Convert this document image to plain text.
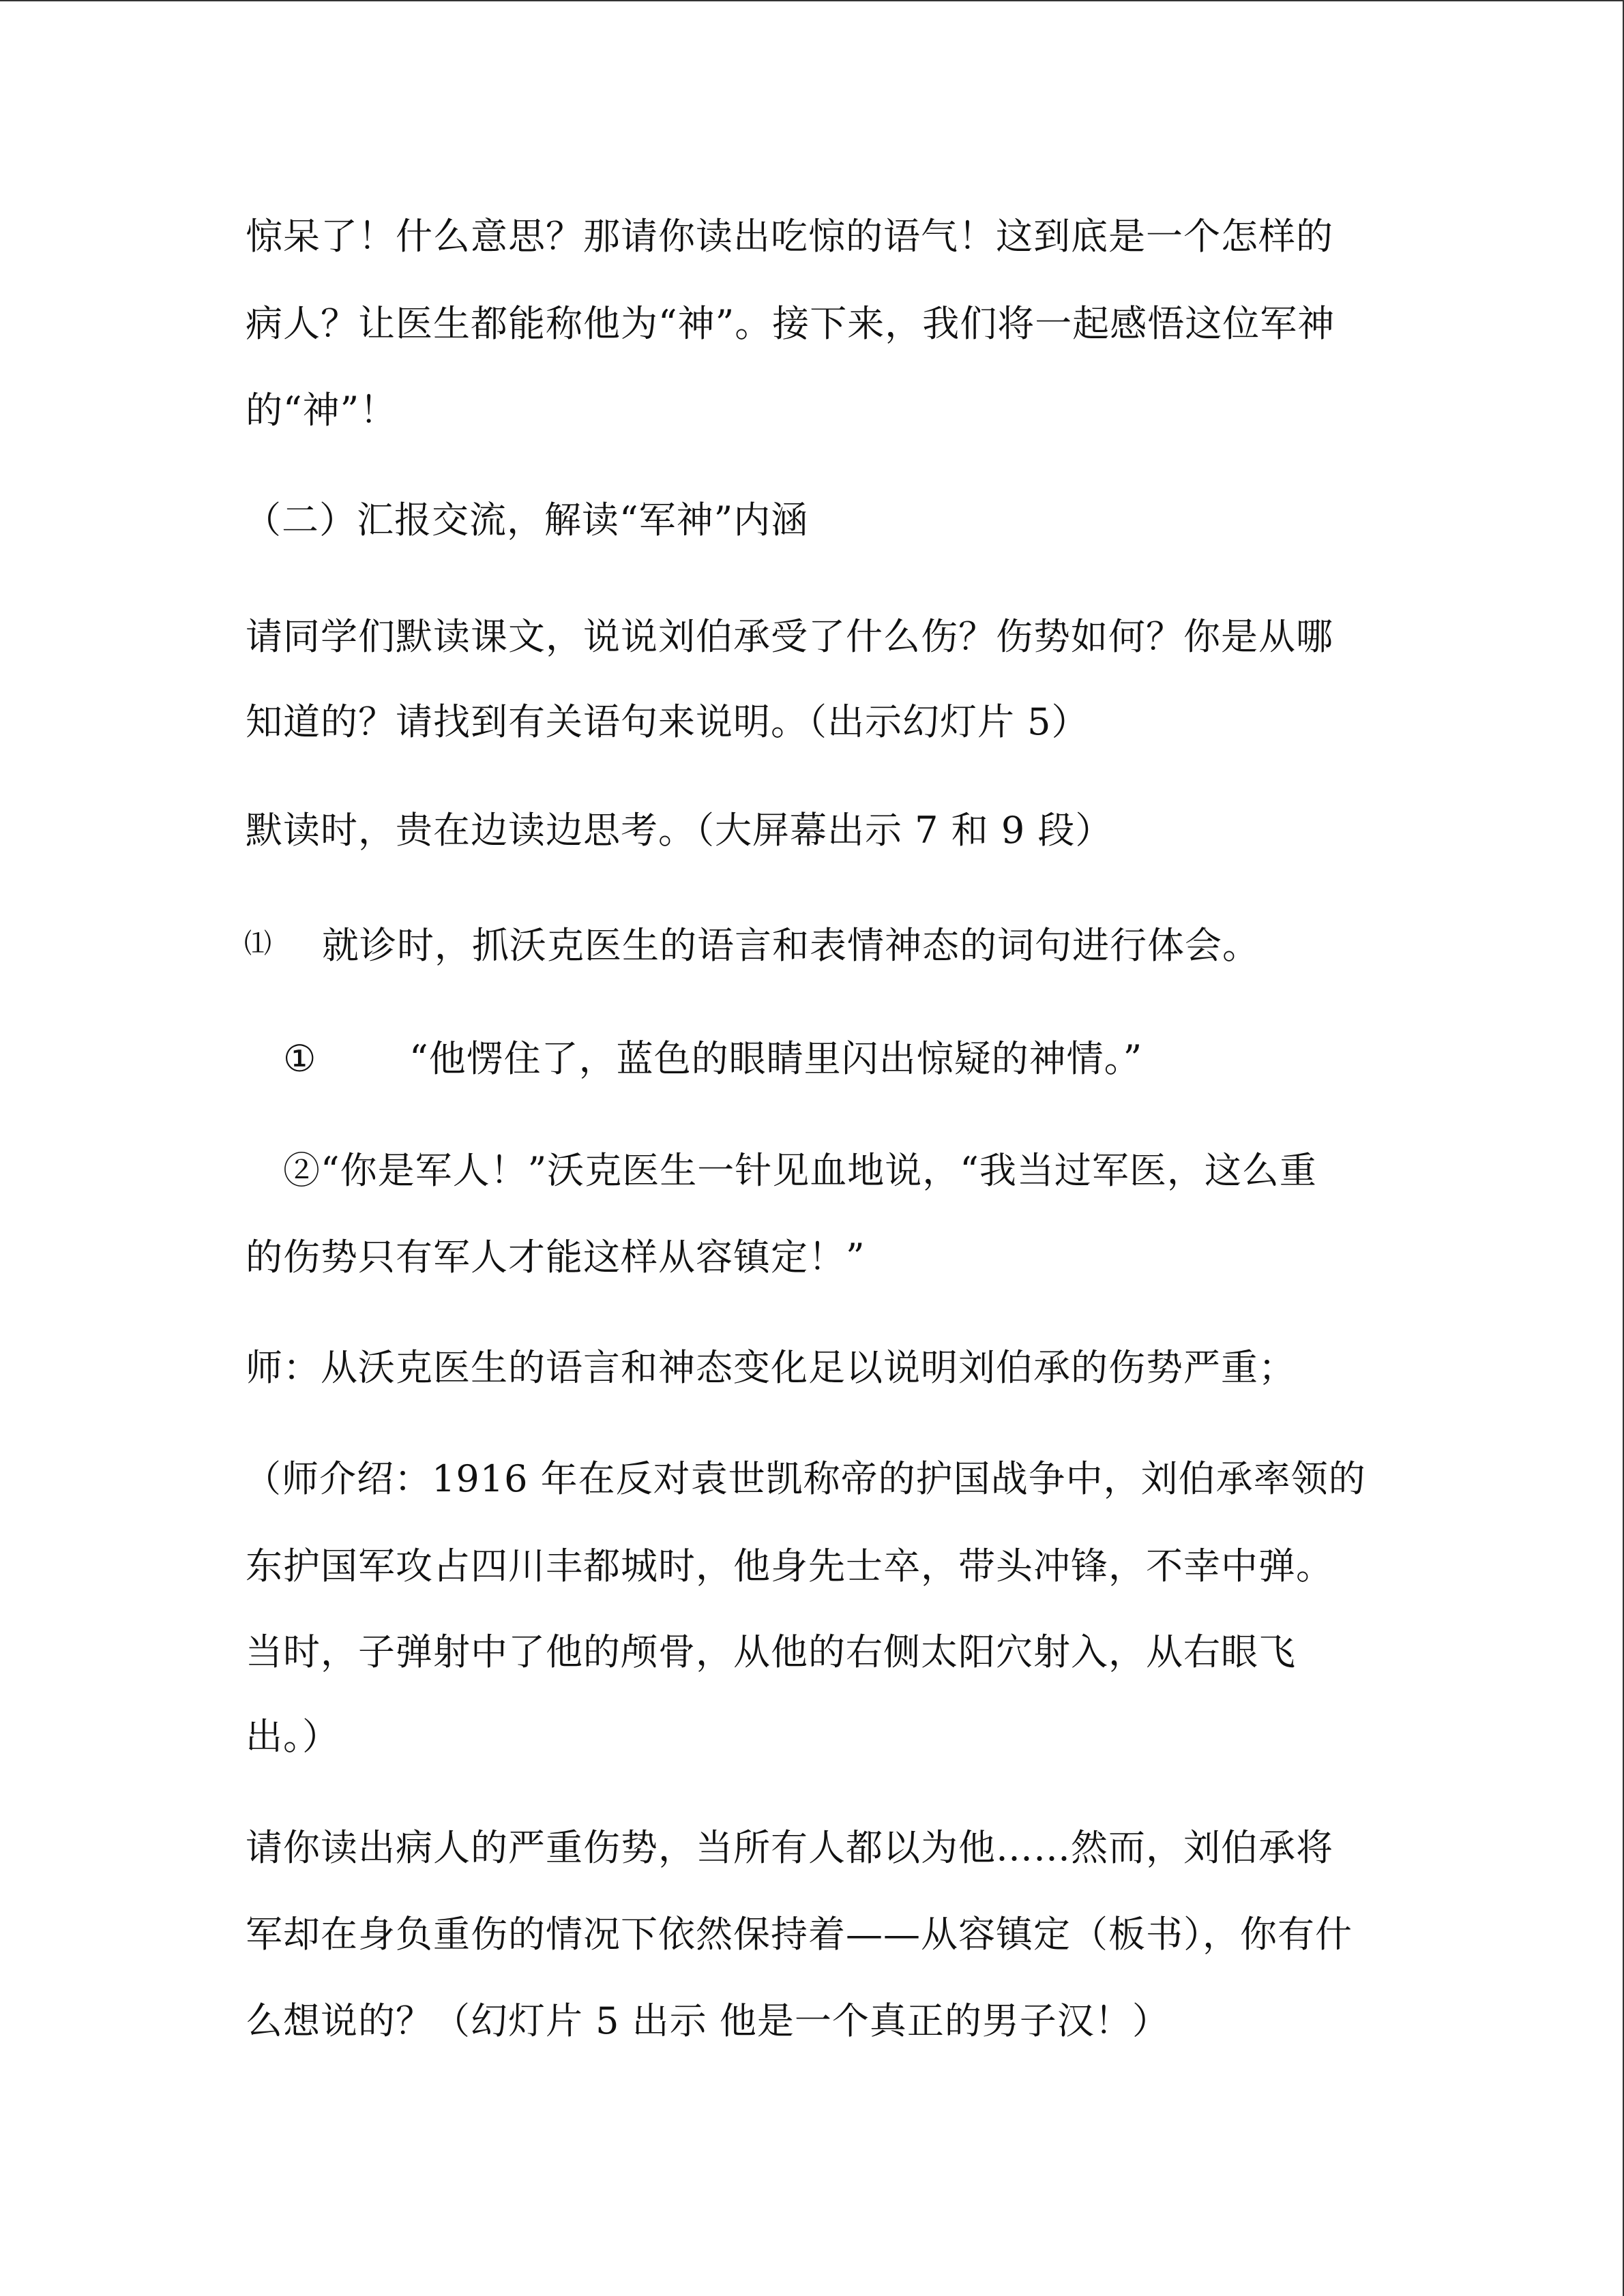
惊呆了！什么意思？那请你读出吃惊的语气！这到底是一个怎样的
病人？让医生都能称他为“神”。接下来，我们将一起感悟这位军神
的“神”！
（二）汇报交流，解读“军神”内涵
请同学们默读课文，说说刘伯承受了什么伤？伤势如何？你是从哪
知道的？请找到有关语句来说明。（出示幻灯片 5）
默读时，贵在边读边思考。（大屏幕出示 7 和 9 段）
⑴ 就诊时，抓沃克医生的语言和表情神态的词句进行体会。
①	“他愣住了，蓝色的眼睛里闪出惊疑的神情。”
②“你是军人！”沃克医生一针见血地说，“我当过军医，这么重
的伤势只有军人才能这样从容镇定！”
师：从沃克医生的语言和神态变化足以说明刘伯承的伤势严重；
（师介绍：1916 年在反对袁世凯称帝的护国战争中，刘伯承率领的
东护国军攻占四川丰都城时，他身先士卒，带头冲锋，不幸中弹。
当时，子弹射中了他的颅骨，从他的右侧太阳穴射入，从右眼飞
出。）
请你读出病人的严重伤势，当所有人都以为他……然而，刘伯承将
军却在身负重伤的情况下依然保持着——从容镇定（板书），你有什
么想说的？（幻灯片 5 出示 他是一个真正的男子汉！）
